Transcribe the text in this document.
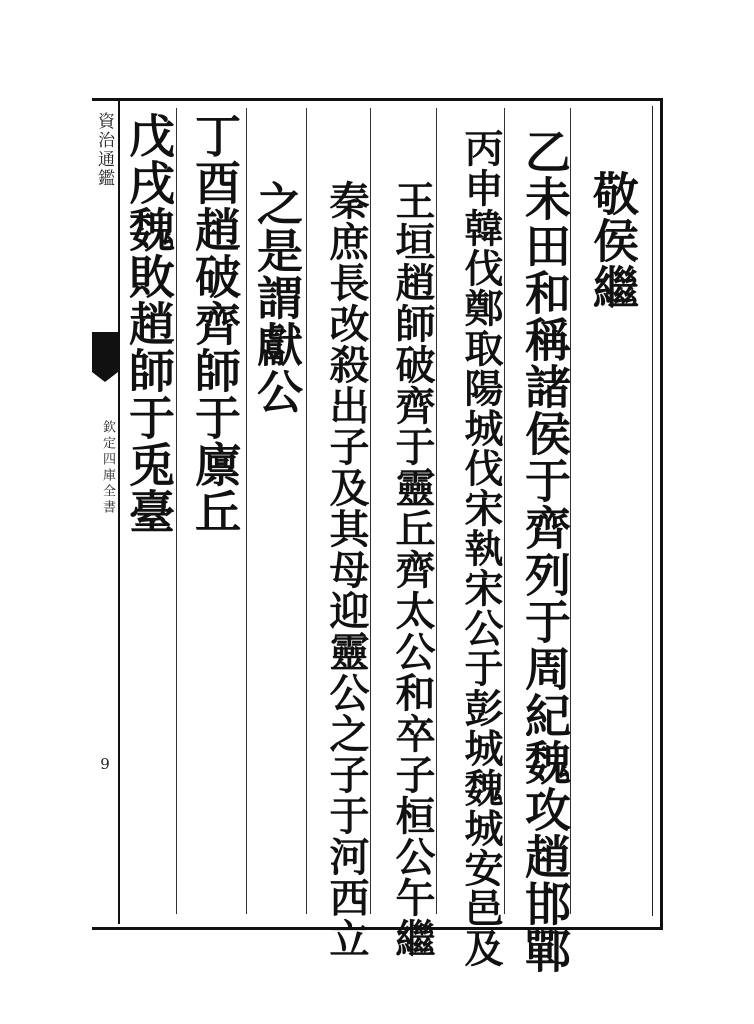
資治通鑑
欽定四庫全書
9
敬侯繼
乙未田和稱諸侯于齊列于周紀魏攻趙邯鄲
丙申韓伐鄭取陽城伐宋執宋公于彭城魏城安邑及
王垣趙師破齊于靈丘齊太公和卒子桓公午繼
秦庶長改殺出子及其母迎靈公之子于河西立
之是謂獻公
丁酉趙破齊師于廪丘
戊戌魏敗趙師于兎臺
